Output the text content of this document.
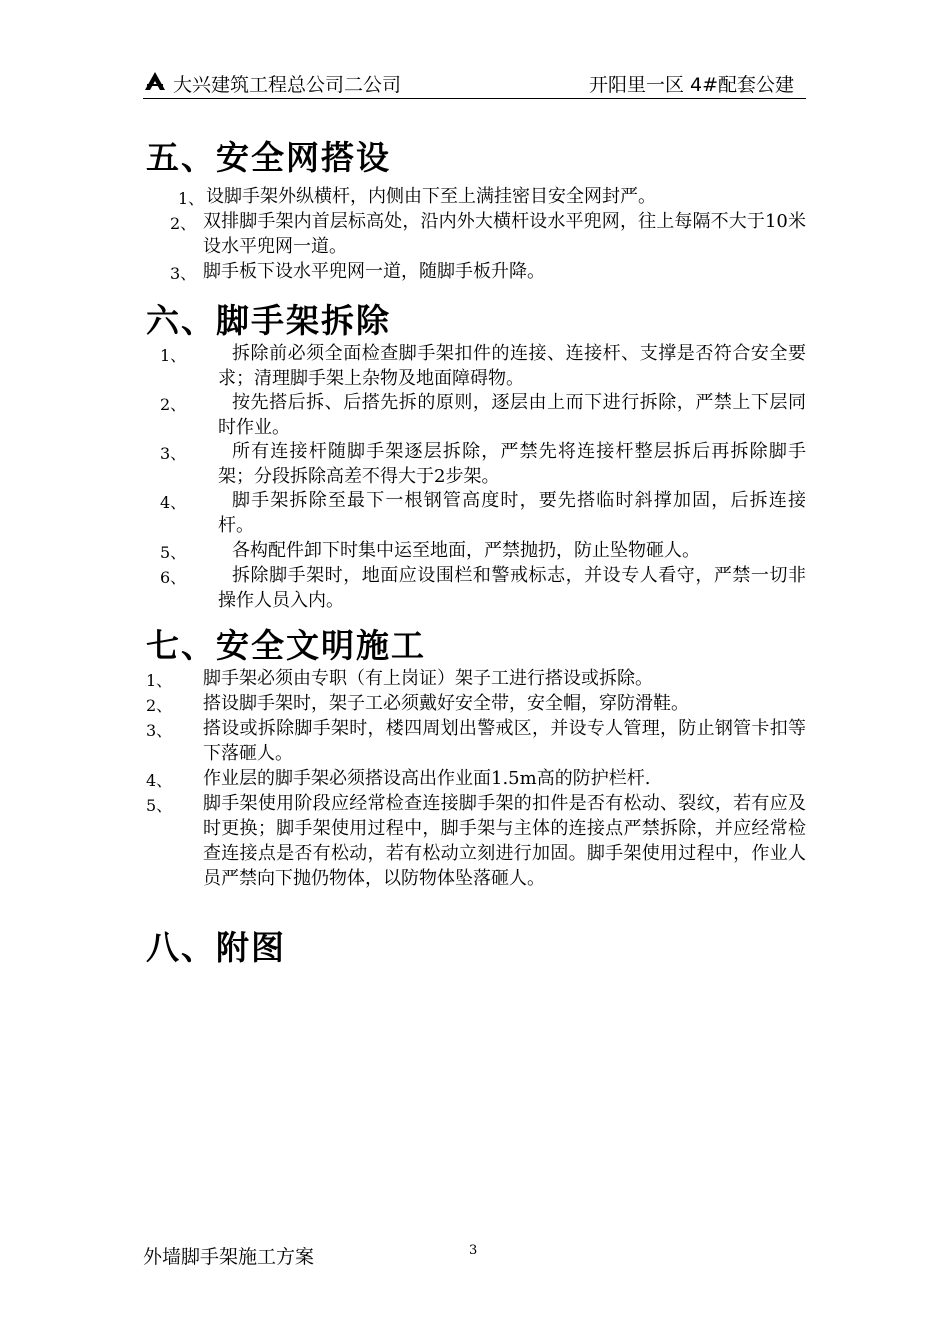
大兴建筑工程总公司二公司	开阳里一区 4#配套公建
五、安全网搭设
1、 设脚手架外纵横杆，内侧由下至上满挂密目安全网封严。
2、 双排脚手架内首层标高处，沿内外大横杆设水平兜网，往上每隔不大于10米设水平兜网一道。
3、 脚手板下设水平兜网一道，随脚手板升降。
六、脚手架拆除
1、	拆除前必须全面检查脚手架扣件的连接、连接杆、支撑是否符合安全要求；清理脚手架上杂物及地面障碍物。
2、	按先搭后拆、后搭先拆的原则，逐层由上而下进行拆除，严禁上下层同时作业。
3、	所有连接杆随脚手架逐层拆除，严禁先将连接杆整层拆后再拆除脚手架；分段拆除高差不得大于2步架。
4、	脚手架拆除至最下一根钢管高度时，要先搭临时斜撑加固，后拆连接杆。
5、	各构配件卸下时集中运至地面，严禁抛扔，防止坠物砸人。
6、	拆除脚手架时，地面应设围栏和警戒标志，并设专人看守，严禁一切非操作人员入内。
七、安全文明施工
1、 脚手架必须由专职（有上岗证）架子工进行搭设或拆除。
2、 搭设脚手架时，架子工必须戴好安全带，安全帽，穿防滑鞋。
3、 搭设或拆除脚手架时，楼四周划出警戒区，并设专人管理，防止钢管卡扣等下落砸人。
4、 作业层的脚手架必须搭设高出作业面1.5m高的防护栏杆.
5、 脚手架使用阶段应经常检查连接脚手架的扣件是否有松动、裂纹，若有应及时更换；脚手架使用过程中，脚手架与主体的连接点严禁拆除，并应经常检查连接点是否有松动，若有松动立刻进行加固。脚手架使用过程中，作业人员严禁向下抛仍物体，以防物体坠落砸人。
八、附图
外墙脚手架施工方案	3
